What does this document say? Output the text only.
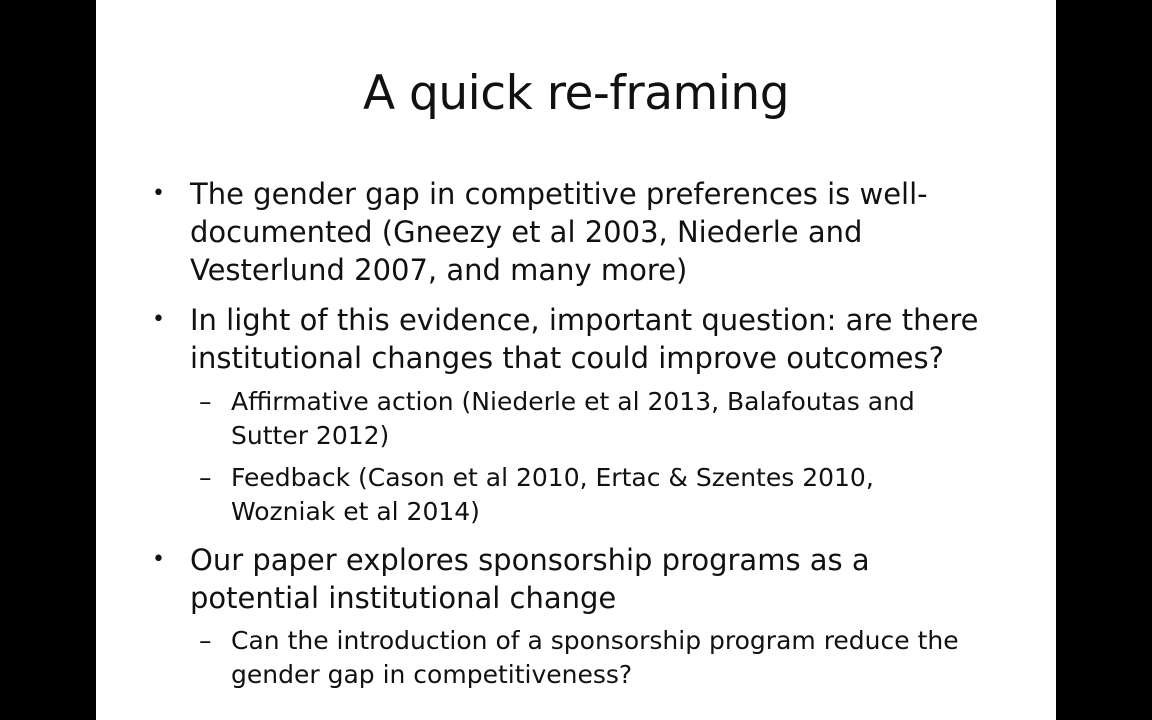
A quick re-framing
• The gender gap in competitive preferences is well-
documented (Gneezy et al 2003, Niederle and
Vesterlund 2007, and many more)
• In light of this evidence, important question: are there
institutional changes that could improve outcomes?
– Affirmative action (Niederle et al 2013, Balafoutas and
Sutter 2012)
– Feedback (Cason et al 2010, Ertac & Szentes 2010,
Wozniak et al 2014)
• Our paper explores sponsorship programs as a
potential institutional change
– Can the introduction of a sponsorship program reduce the
gender gap in competitiveness?
